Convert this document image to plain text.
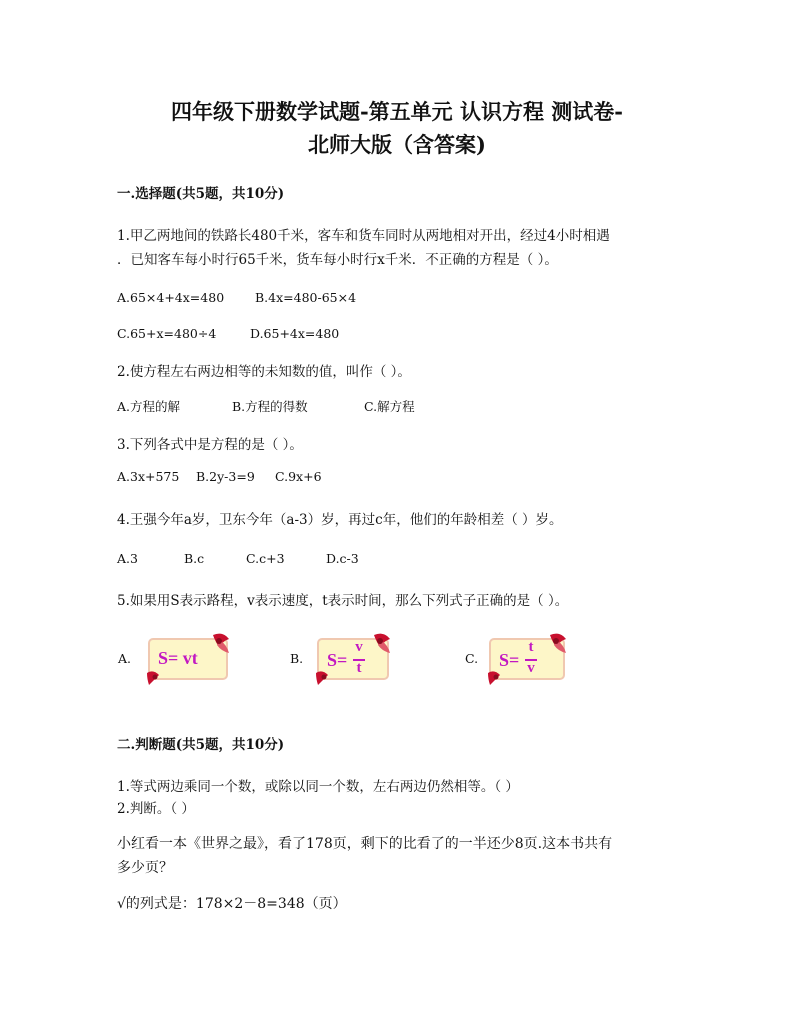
四年级下册数学试题-第五单元 认识方程 测试卷-
北师大版（含答案)
一.选择题(共5题，共10分)
1.甲乙两地间的铁路长480千米，客车和货车同时从两地相对开出，经过4小时相遇
．已知客车每小时行65千米，货车每小时行x千米．不正确的方程是（ ）。
A.65×4+4x=480 B.4x=480-65×4
C.65+x=480÷4	D.65+4x=480
2.使方程左右两边相等的未知数的值，叫作（ ）。
A.方程的解	B.方程的得数	C.解方程
3.下列各式中是方程的是（ ）。
A.3x+575 B.2y-3=9 C.9x+6
4.王强今年a岁，卫东今年（a-3）岁，再过c年，他们的年龄相差（ ）岁。
A.3	B.c	C.c+3	D.c-3
5.如果用S表示路程，v表示速度，t表示时间，那么下列式子正确的是（ ）。
A. S= vt	B. S=
v
t
C. S=
t
v
二.判断题(共5题，共10分)
1.等式两边乘同一个数，或除以同一个数，左右两边仍然相等。（ ）
2.判断。（ ）
小红看一本《世界之最》，看了178页，剩下的比看了的一半还少8页.这本书共有
多少页？
√的列式是：178×2－8=348（页）
